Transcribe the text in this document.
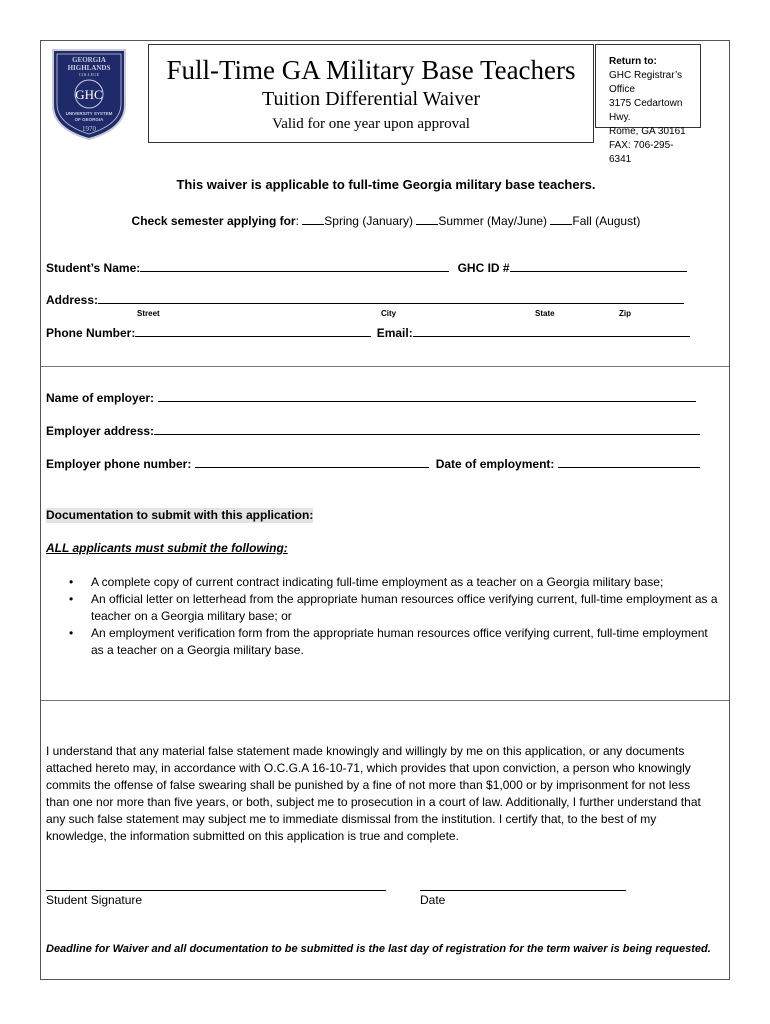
GEORGIA
HIGHLANDS
COLLEGE
GHC
UNIVERSITY SYSTEM
OF GEORGIA
1970
Full-Time GA Military Base Teachers
Tuition Differential Waiver
Valid for one year upon approval
Return to:
GHC Registrar’s Office
3175 Cedartown Hwy.
Rome, GA 30161
FAX: 706-295-6341
This waiver is applicable to full-time Georgia military base teachers.
Check semester applying for: Spring (January) Summer (May/June) Fall (August)
Student’s Name:	GHC ID #
Address:
Street	City	State	Zip
Phone Number:	Email:
Name of employer:
Employer address:
Employer phone number:	Date of employment:
Documentation to submit with this application:
ALL applicants must submit the following:
• A complete copy of current contract indicating full-time employment as a teacher on a Georgia military base;
• An official letter on letterhead from the appropriate human resources office verifying current, full-time employment as a teacher on a Georgia military base; or
• An employment verification form from the appropriate human resources office verifying current, full-time employment as a teacher on a Georgia military base.
I understand that any material false statement made knowingly and willingly by me on this application, or any documents attached hereto may, in accordance with O.C.G.A 16-10-71, which provides that upon conviction, a person who knowingly commits the offense of false swearing shall be punished by a fine of not more than $1,000 or by imprisonment for not less than one nor more than five years, or both, subject me to prosecution in a court of law. Additionally, I further understand that any such false statement may subject me to immediate dismissal from the institution. I certify that, to the best of my knowledge, the information submitted on this application is true and complete.
Student Signature	Date
Deadline for Waiver and all documentation to be submitted is the last day of registration for the term waiver is being requested.
